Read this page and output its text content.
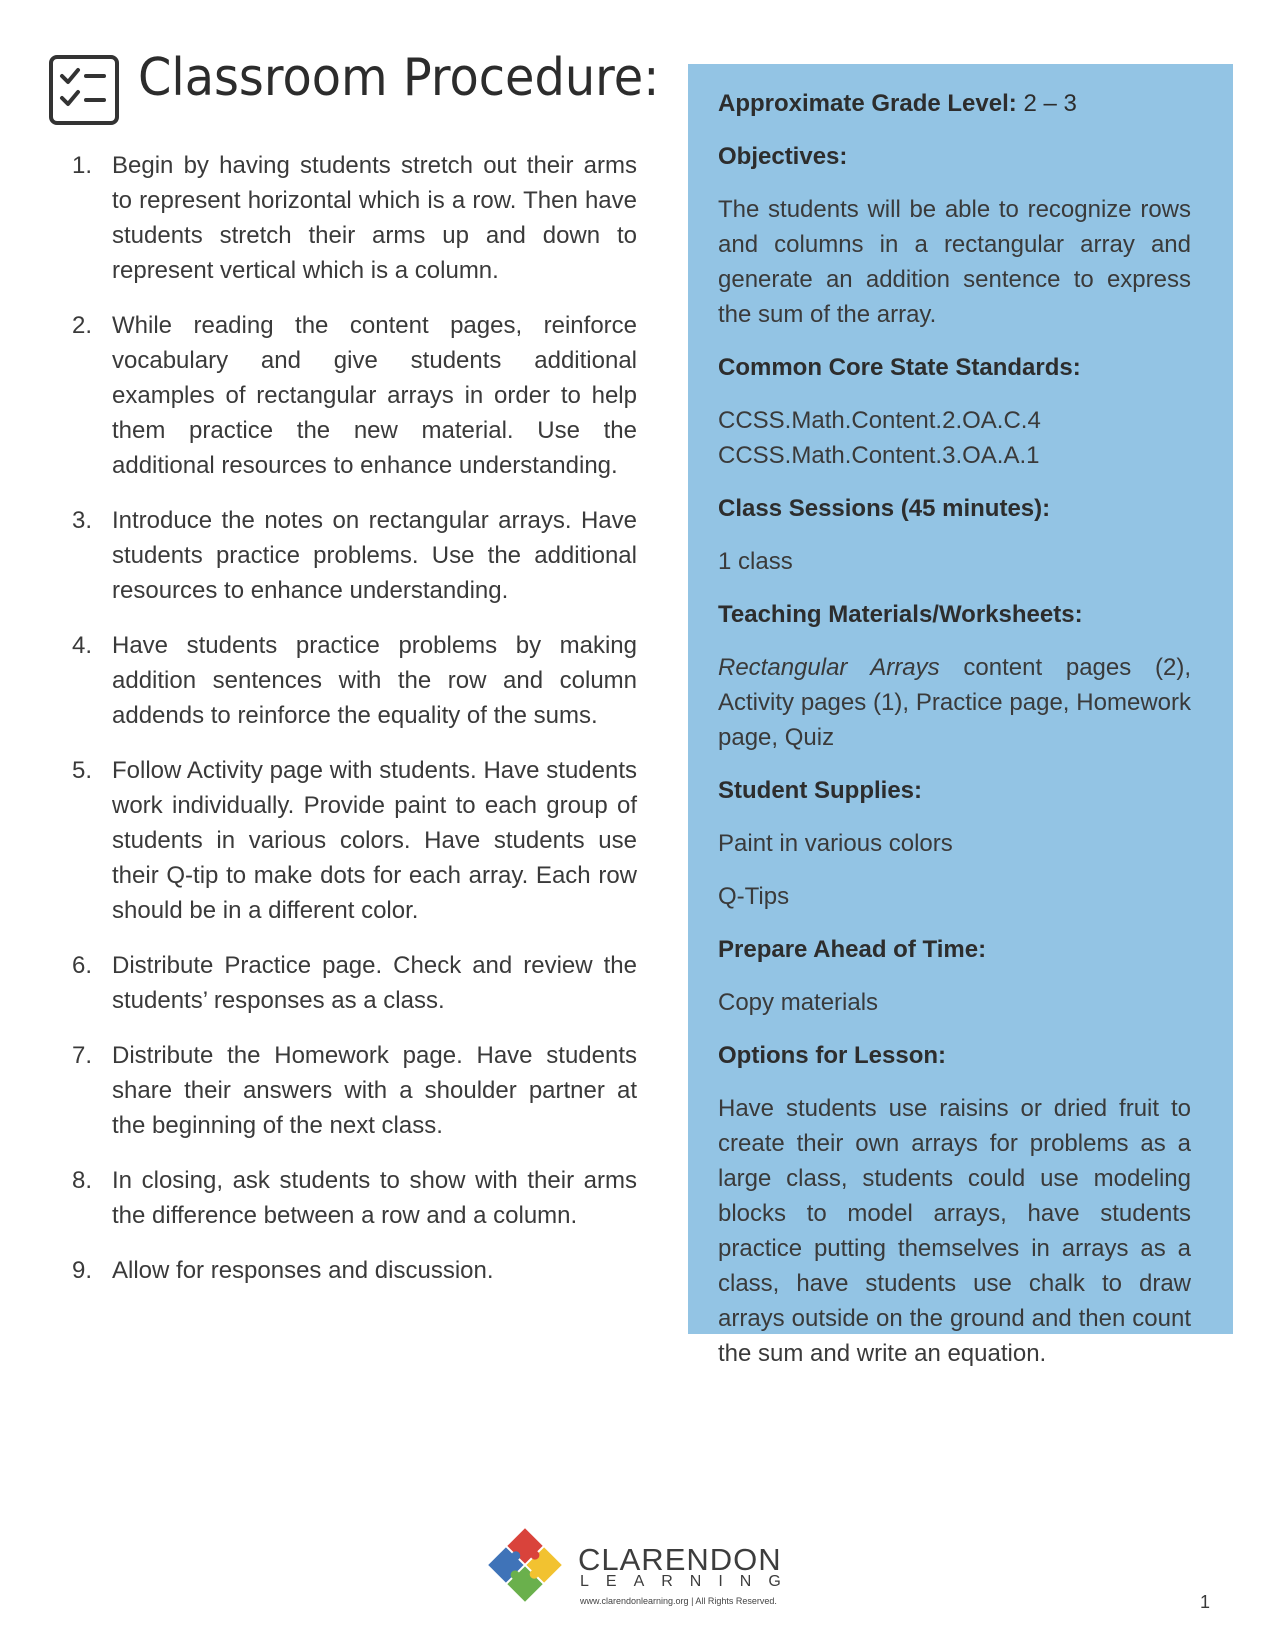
Classroom Procedure:
1. Begin by having students stretch out their arms to represent horizontal which is a row. Then have students stretch their arms up and down to represent vertical which is a column.
2. While reading the content pages, reinforce vocabulary and give students additional examples of rectangular arrays in order to help them practice the new material. Use the additional resources to enhance understanding.
3. Introduce the notes on rectangular arrays. Have students practice problems. Use the additional resources to enhance understanding.
4. Have students practice problems by making addition sentences with the row and column addends to reinforce the equality of the sums.
5. Follow Activity page with students. Have students work individually. Provide paint to each group of students in various colors. Have students use their Q-tip to make dots for each array. Each row should be in a different color.
6. Distribute Practice page. Check and review the students’ responses as a class.
7. Distribute the Homework page. Have students share their answers with a shoulder partner at the beginning of the next class.
8. In closing, ask students to show with their arms the difference between a row and a column.
9. Allow for responses and discussion.
Approximate Grade Level: 2 – 3
Objectives:
The students will be able to recognize rows and columns in a rectangular array and generate an addition sentence to express the sum of the array.
Common Core State Standards:
CCSS.Math.Content.2.OA.C.4
CCSS.Math.Content.3.OA.A.1
Class Sessions (45 minutes):
1 class
Teaching Materials/Worksheets:
Rectangular Arrays content pages (2), Activity pages (1), Practice page, Homework page, Quiz
Student Supplies:
Paint in various colors
Q-Tips
Prepare Ahead of Time:
Copy materials
Options for Lesson:
Have students use raisins or dried fruit to create their own arrays for problems as a large class, students could use modeling blocks to model arrays, have students practice putting themselves in arrays as a class, have students use chalk to draw arrays outside on the ground and then count the sum and write an equation.
CLARENDON
LEARNING
www.clarendonlearning.org | All Rights Reserved.	1
